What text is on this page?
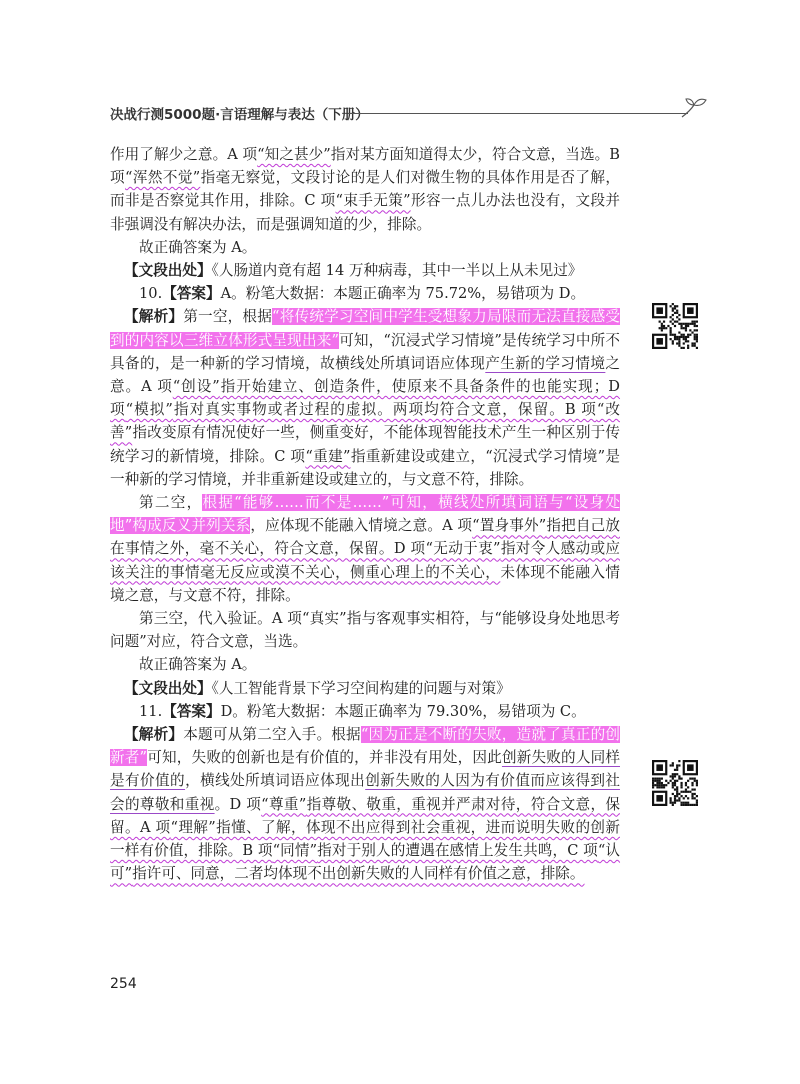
决战行测5000题·言语理解与表达（下册）

作用了解少之意。A 项“知之甚少”指对某方面知道得太少，符合文意，当选。B 项“浑然不觉”指毫无察觉，文段讨论的是人们对微生物的具体作用是否了解，而非是否察觉其作用，排除。C 项“束手无策”形容一点儿办法也没有，文段并非强调没有解决办法，而是强调知道的少，排除。

故正确答案为 A。

【文段出处】《人肠道内竟有超 14 万种病毒，其中一半以上从未见过》

10.【答案】A。粉笔大数据：本题正确率为 75.72%，易错项为 D。

【解析】第一空，根据“将传统学习空间中学生受想象力局限而无法直接感受到的内容以三维立体形式呈现出来”可知，“沉浸式学习情境”是传统学习中所不具备的，是一种新的学习情境，故横线处所填词语应体现产生新的学习情境之意。A 项“创设”指开始建立、创造条件，使原来不具备条件的也能实现；D 项“模拟”指对真实事物或者过程的虚拟。两项均符合文意，保留。B 项“改善”指改变原有情况使好一些，侧重变好，不能体现智能技术产生一种区别于传统学习的新情境，排除。C 项“重建”指重新建设或建立，“沉浸式学习情境”是一种新的学习情境，并非重新建设或建立的，与文意不符，排除。

第二空，根据“能够……而不是……”可知，横线处所填词语与“设身处地”构成反义并列关系，应体现不能融入情境之意。A 项“置身事外”指把自己放在事情之外，毫不关心，符合文意，保留。D 项“无动于衷”指对令人感动或应该关注的事情毫无反应或漠不关心，侧重心理上的不关心，未体现不能融入情境之意，与文意不符，排除。

第三空，代入验证。A 项“真实”指与客观事实相符，与“能够设身处地思考问题”对应，符合文意，当选。

故正确答案为 A。

【文段出处】《人工智能背景下学习空间构建的问题与对策》

11.【答案】D。粉笔大数据：本题正确率为 79.30%，易错项为 C。

【解析】本题可从第二空入手。根据“因为正是不断的失败，造就了真正的创新者”可知，失败的创新也是有价值的，并非没有用处，因此创新失败的人同样是有价值的，横线处所填词语应体现出创新失败的人因为有价值而应该得到社会的尊敬和重视。D 项“尊重”指尊敬、敬重，重视并严肃对待，符合文意，保留。A 项“理解”指懂、了解，体现不出应得到社会重视，进而说明失败的创新一样有价值，排除。B 项“同情”指对于别人的遭遇在感情上发生共鸣，C 项“认可”指许可、同意，二者均体现不出创新失败的人同样有价值之意，排除。

254
